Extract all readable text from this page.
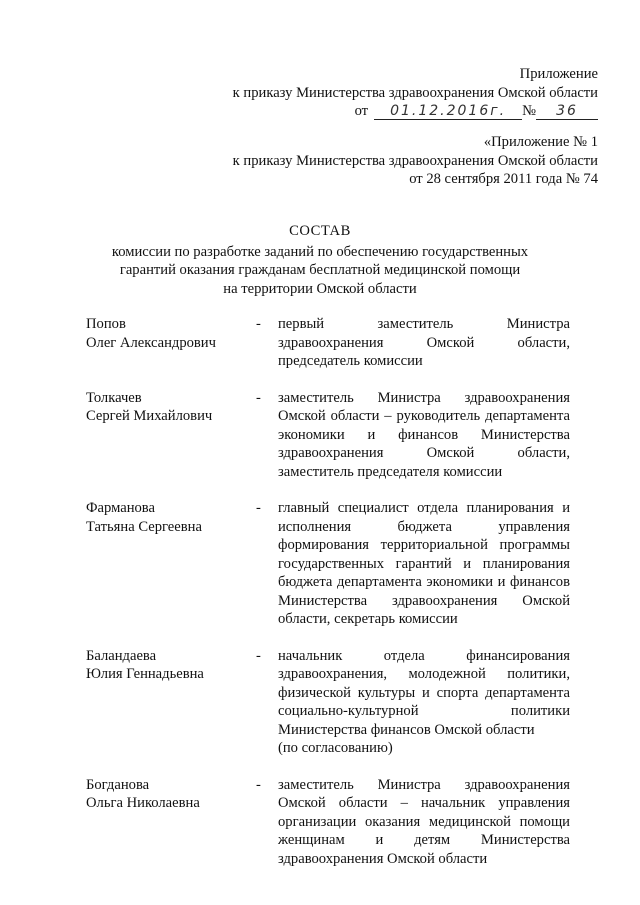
Приложение
к приказу Министерства здравоохранения Омской области
от	01.12.2016г.	№	36
«Приложение № 1
к приказу Министерства здравоохранения Омской области
от 28 сентября 2011 года № 74
СОСТАВ
комиссии по разработке заданий по обеспечению государственных
гарантий оказания гражданам бесплатной медицинской помощи
на территории Омской области
Попов
Олег Александрович
-	первый заместитель Министра здравоохранения Омской области, председатель комиссии
Толкачев
Сергей Михайлович
-	заместитель Министра здравоохранения Омской области – руководитель департамента экономики и финансов Министерства здравоохранения Омской области, заместитель председателя комиссии
Фарманова
Татьяна Сергеевна
-	главный специалист отдела планирования и исполнения бюджета управления формирования территориальной программы государственных гарантий и планирования бюджета департамента экономики и финансов Министерства здравоохранения Омской области, секретарь комиссии
Баландаева
Юлия Геннадьевна
-	начальник отдела финансирования здравоохранения, молодежной политики, физической культуры и спорта департамента социально-культурной политики Министерства финансов Омской области
(по согласованию)
Богданова
Ольга Николаевна
-	заместитель Министра здравоохранения Омской области – начальник управления организации оказания медицинской помощи женщинам и детям Министерства здравоохранения Омской области
